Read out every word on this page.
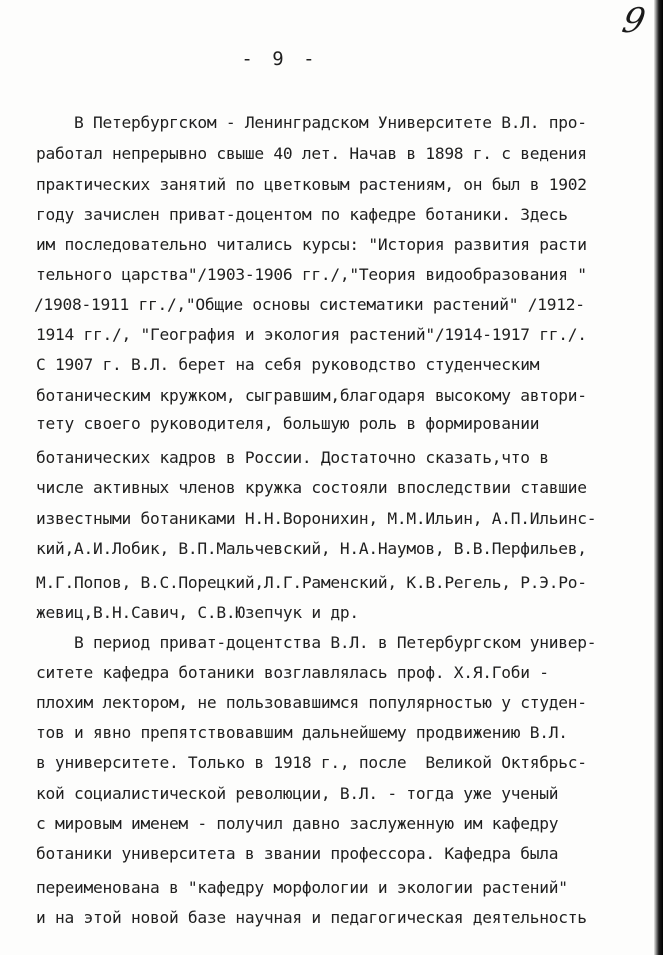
9
- 9 -
В Петербургском - Ленинградском Университете В.Л. про-
работал непрерывно свыше 40 лет. Начав в 1898 г. с ведения
практических занятий по цветковым растениям, он был в 1902
году зачислен приват-доцентом по кафедре ботаники. Здесь
им последовательно читались курсы: "История развития расти
тельного царства"/1903-1906 гг./,"Теория видообразования "
/1908-1911 гг./,"Общие основы систематики растений" /1912-
1914 гг./, "География и экология растений"/1914-1917 гг./.
С 1907 г. В.Л. берет на себя руководство студенческим
ботаническим кружком, сыгравшим,благодаря высокому автори-
тету своего руководителя, большую роль в формировании
ботанических кадров в России. Достаточно сказать,что в
числе активных членов кружка состояли впоследствии ставшие
известными ботаниками Н.Н.Воронихин, М.М.Ильин, А.П.Ильинс-
кий,А.И.Лобик, В.П.Мальчевский, Н.А.Наумов, В.В.Перфильев,
М.Г.Попов, В.С.Порецкий,Л.Г.Раменский, К.В.Регель, Р.Э.Ро-
жевиц,В.Н.Савич, С.В.Юзепчук и др.
В период приват-доцентства В.Л. в Петербургском универ-
ситете кафедра ботаники возглавлялась проф. Х.Я.Гоби -
плохим лектором, не пользовавшимся популярностью у студен-
тов и явно препятствовавшим дальнейшему продвижению В.Л.
в университете. Только в 1918 г., после  Великой Октябрьс-
кой социалистической революции, В.Л. - тогда уже ученый
с мировым именем - получил давно заслуженную им кафедру
ботаники университета в звании профессора. Кафедра была
переименована в "кафедру морфологии и экологии растений"
и на этой новой базе научная и педагогическая деятельность
